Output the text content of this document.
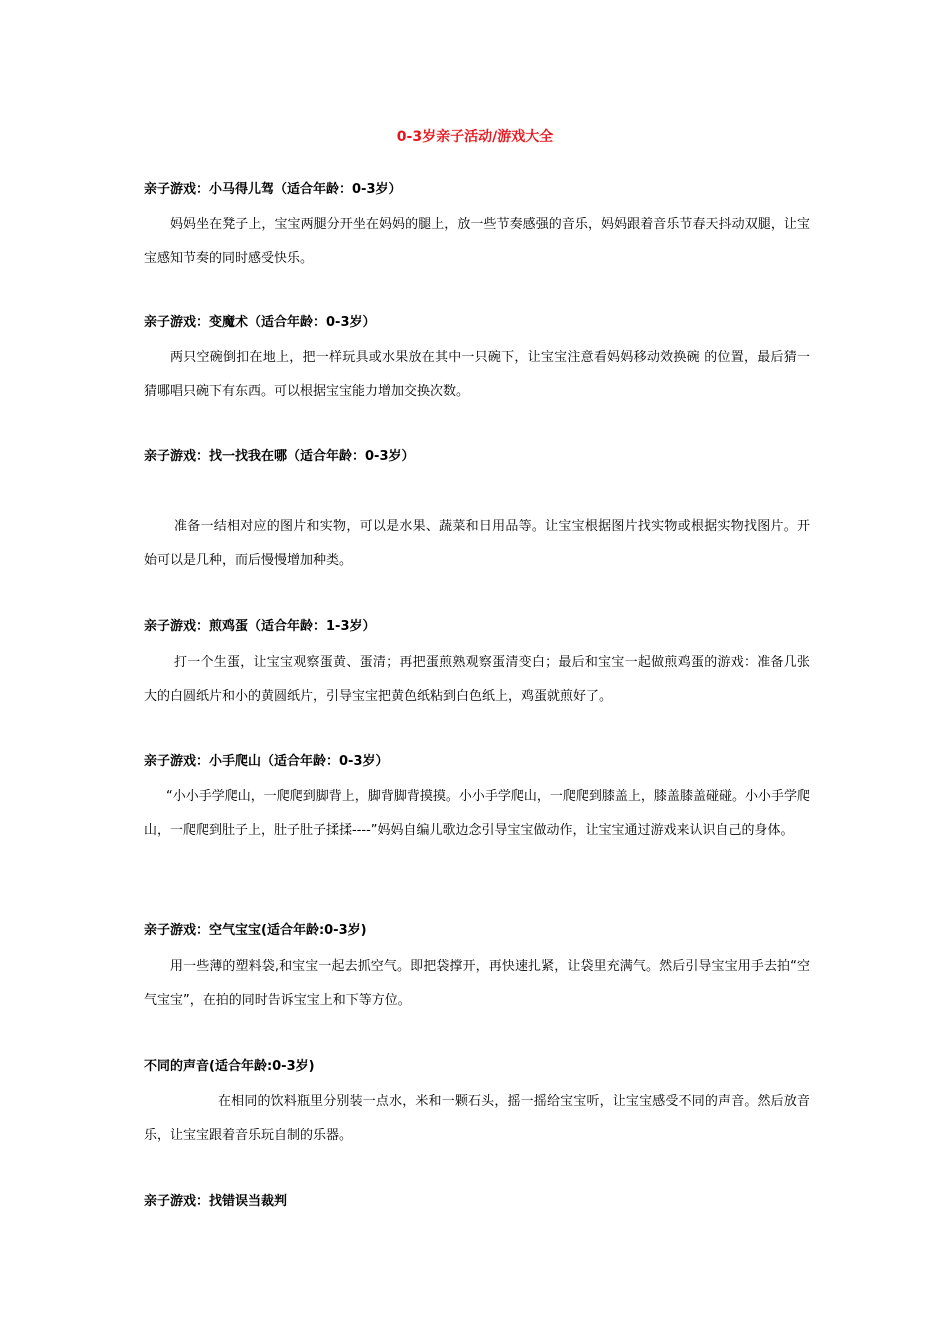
0-3岁亲子活动/游戏大全
亲子游戏：小马得儿驾（适合年龄：0-3岁）
妈妈坐在凳子上，宝宝两腿分开坐在妈妈的腿上，放一些节奏感强的音乐，妈妈跟着音乐节春天抖动双腿，让宝宝感知节奏的同时感受快乐。
亲子游戏：变魔术（适合年龄：0-3岁）
两只空碗倒扣在地上，把一样玩具或水果放在其中一只碗下，让宝宝注意看妈妈移动效换碗 的位置，最后猜一猜哪唱只碗下有东西。可以根据宝宝能力增加交换次数。
亲子游戏：找一找我在哪（适合年龄：0-3岁）
准备一结相对应的图片和实物，可以是水果、蔬菜和日用品等。让宝宝根据图片找实物或根据实物找图片。开始可以是几种，而后慢慢增加种类。
亲子游戏：煎鸡蛋（适合年龄：1-3岁）
打一个生蛋，让宝宝观察蛋黄、蛋清；再把蛋煎熟观察蛋清变白；最后和宝宝一起做煎鸡蛋的游戏：准备几张大的白圆纸片和小的黄圆纸片，引导宝宝把黄色纸粘到白色纸上，鸡蛋就煎好了。
亲子游戏：小手爬山（适合年龄：0-3岁）
“小小手学爬山，一爬爬到脚背上，脚背脚背摸摸。小小手学爬山，一爬爬到膝盖上，膝盖膝盖碰碰。小小手学爬山，一爬爬到肚子上，肚子肚子揉揉----”妈妈自编儿歌边念引导宝宝做动作，让宝宝通过游戏来认识自己的身体。
亲子游戏：空气宝宝(适合年龄:0-3岁)
用一些薄的塑料袋,和宝宝一起去抓空气。即把袋撑开，再快速扎紧，让袋里充满气。然后引导宝宝用手去拍“空气宝宝”，在拍的同时告诉宝宝上和下等方位。
不同的声音(适合年龄:0-3岁)
在相同的饮料瓶里分别装一点水，米和一颗石头，摇一摇给宝宝听，让宝宝感受不同的声音。然后放音乐，让宝宝跟着音乐玩自制的乐器。
亲子游戏：找错误当裁判
